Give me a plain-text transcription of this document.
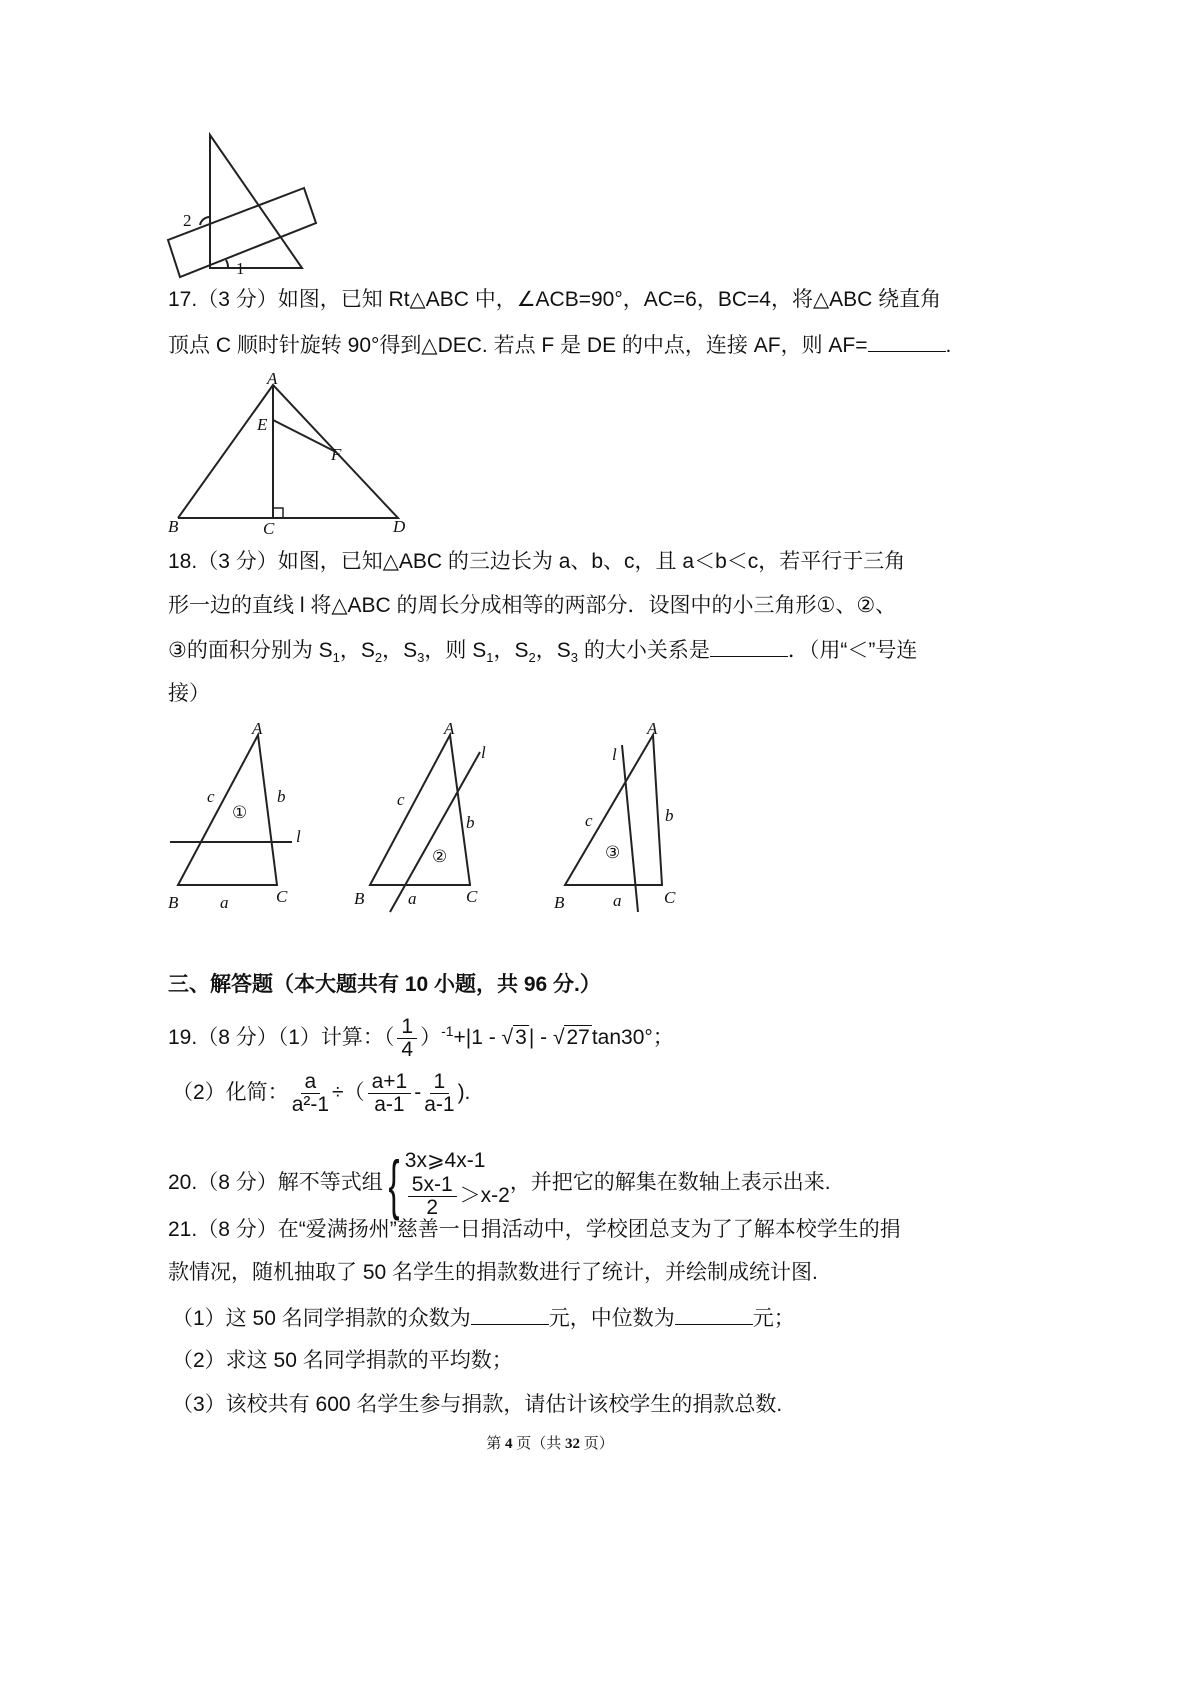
2
1
A
E
F
B	C	D
A
c	b
①
l
B a	C
A
c
b
②
l
B	a	C
A
c	b
③
l
B	a	C
17.（3 分）如图，已知 Rt△ABC 中，∠ACB=90°，AC=6，BC=4，将△ABC 绕直角
顶点 C 顺时针旋转 90°得到△DEC. 若点 F 是 DE 的中点，连接 AF，则 AF=	.
18.（3 分）如图，已知△ABC 的三边长为 a、b、c，且 a＜b＜c，若平行于三角
形一边的直线 l 将△ABC 的周长分成相等的两部分．设图中的小三角形①、②、
③的面积分别为 $S_1$，$S_2$，$S_3$，则 $S_1$，$S_2$，$S_3$ 的大小关系是	．（用“＜”号连
接）
三、解答题（本大题共有 10 小题，共 96 分.）
19.（8 分）（1）计算：（ $\frac{1}{4} )^{-1}+|1 - √3| - √27\tan 30^\circ$；
（2）化简： $\frac{a}{\text{a²-1}}$ ÷（ $\frac{a+1}{a-1} - \frac{1}{a-1}$ ).
20.（8 分）解不等式组{ 3x⩾4x-1
$\frac{5x-1}{2} >x-2$
，并把它的解集在数轴上表示出来.
21.（8 分）在“爱满扬州”慈善一日捐活动中，学校团总支为了了解本校学生的捐
款情况，随机抽取了 50 名学生的捐款数进行了统计，并绘制成统计图.
（1）这 50 名同学捐款的众数为	元，中位数为	元；
（2）求这 50 名同学捐款的平均数；
（3）该校共有 600 名学生参与捐款，请估计该校学生的捐款总数.
第 4 页（共 32 页）
